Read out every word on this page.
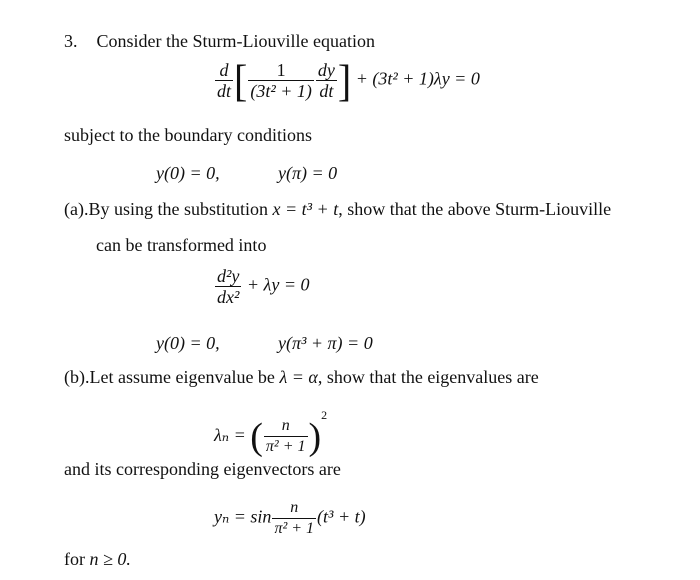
3. Consider the Sturm-Liouville equation
$\frac{d}{dt}$ [ $\frac{1}{\text{(3t² + 1)}} \frac{dy}{dt}$ ] + (3t² + 1)λy = 0
subject to the boundary conditions
y(0) = 0,	y(π) = 0
(a).By using the substitution x = t³ + t, show that the above Sturm-Liouville
can be transformed into
$\frac{\text{d²y}}{\text{dx²}} + \lambda y = 0$
y(0) = 0,	y(π³ + π) = 0
(b).Let assume eigenvalue be λ = α, show that the eigenvalues are
λₙ = ( $\frac{n}{\text{π² + 1}} )^2$
and its corresponding eigenvectors are
$y_n = \sin \frac{n}{\text{π² + 1}} (t^3 + t)$
for n ≥ 0.
